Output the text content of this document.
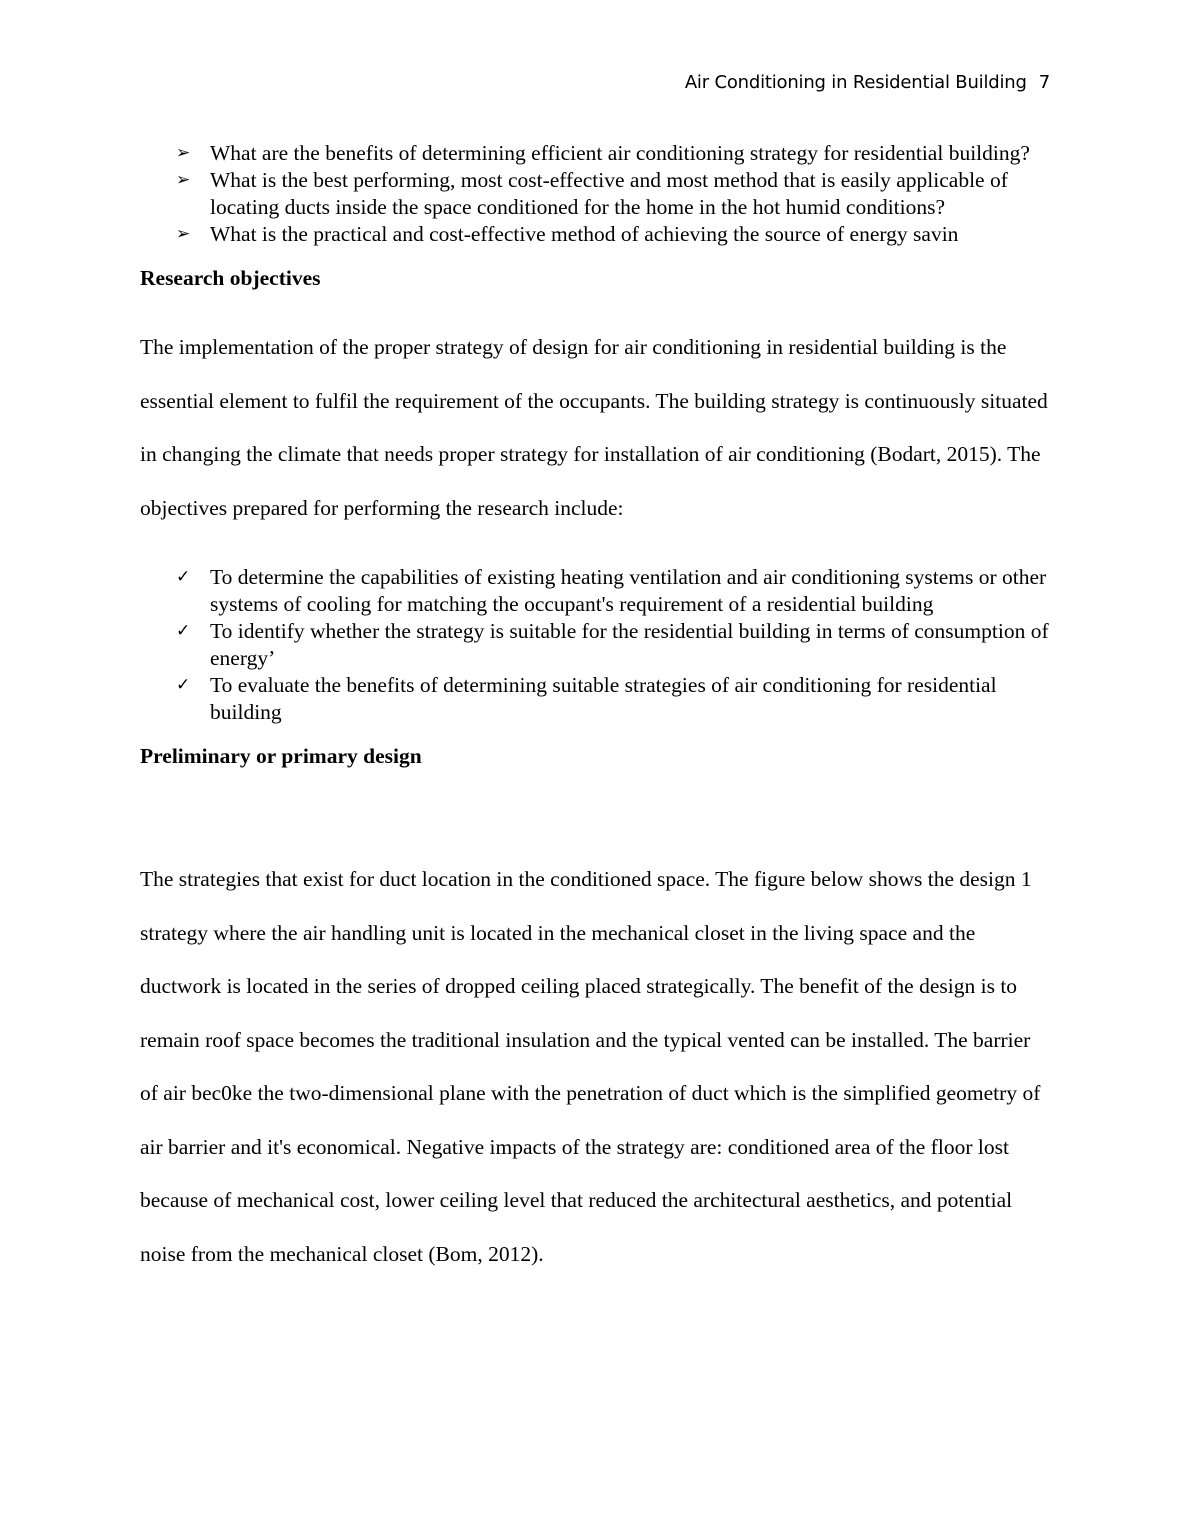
Air Conditioning in Residential Building 7
➢ What are the benefits of determining efficient air conditioning strategy for residential building?
➢ What is the best performing, most cost-effective and most method that is easily applicable of locating ducts inside the space conditioned for the home in the hot humid conditions?
➢ What is the practical and cost-effective method of achieving the source of energy savin
Research objectives

The implementation of the proper strategy of design for air conditioning in residential building is the essential element to fulfil the requirement of the occupants. The building strategy is continuously situated in changing the climate that needs proper strategy for installation of air conditioning (Bodart, 2015). The objectives prepared for performing the research include:

✓ To determine the capabilities of existing heating ventilation and air conditioning systems or other systems of cooling for matching the occupant's requirement of a residential building
✓ To identify whether the strategy is suitable for the residential building in terms of consumption of energy’
✓ To evaluate the benefits of determining suitable strategies of air conditioning for residential building
Preliminary or primary design

The strategies that exist for duct location in the conditioned space. The figure below shows the design 1 strategy where the air handling unit is located in the mechanical closet in the living space and the ductwork is located in the series of dropped ceiling placed strategically. The benefit of the design is to remain roof space becomes the traditional insulation and the typical vented can be installed. The barrier of air bec0ke the two-dimensional plane with the penetration of duct which is the simplified geometry of air barrier and it's economical. Negative impacts of the strategy are: conditioned area of the floor lost because of mechanical cost, lower ceiling level that reduced the architectural aesthetics, and potential noise from the mechanical closet (Bom, 2012).
